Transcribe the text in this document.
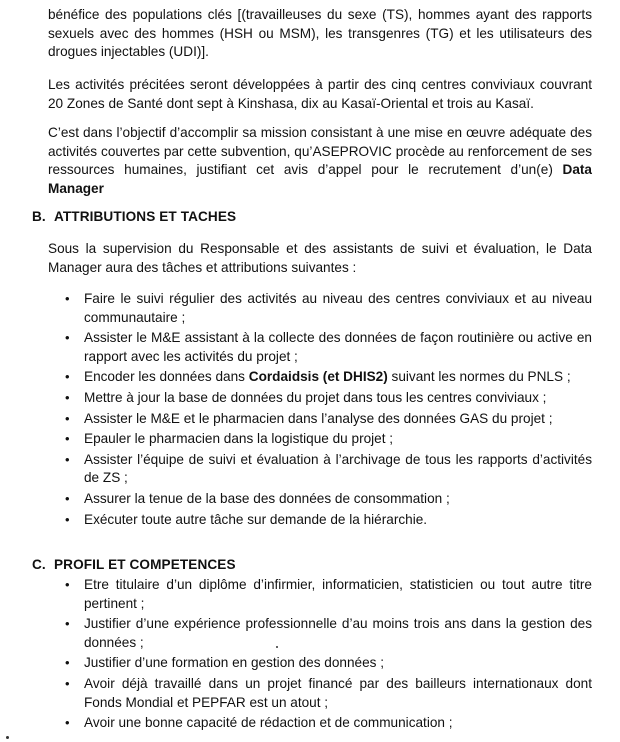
bénéfice des populations clés [(travailleuses du sexe (TS), hommes ayant des rapports sexuels avec des hommes (HSH ou MSM), les transgenres (TG) et les utilisateurs des drogues injectables (UDI)].

Les activités précitées seront développées à partir des cinq centres conviviaux couvrant 20 Zones de Santé dont sept à Kinshasa, dix au Kasaï-Oriental et trois au Kasaï.

C’est dans l’objectif d’accomplir sa mission consistant à une mise en œuvre adéquate des activités couvertes par cette subvention, qu’ASEPROVIC procède au renforcement de ses ressources humaines, justifiant cet avis d’appel pour le recrutement d’un(e) Data Manager

B. ATTRIBUTIONS ET TACHES

Sous la supervision du Responsable et des assistants de suivi et évaluation, le Data Manager aura des tâches et attributions suivantes :

• Faire le suivi régulier des activités au niveau des centres conviviaux et au niveau communautaire ;
• Assister le M&E assistant à la collecte des données de façon routinière ou active en rapport avec les activités du projet ;
• Encoder les données dans Cordaidsis (et DHIS2) suivant les normes du PNLS ;
• Mettre à jour la base de données du projet dans tous les centres conviviaux ;
• Assister le M&E et le pharmacien dans l’analyse des données GAS du projet ;
• Epauler le pharmacien dans la logistique du projet ;
• Assister l’équipe de suivi et évaluation à l’archivage de tous les rapports d’activités de ZS ;
• Assurer la tenue de la base des données de consommation ;
• Exécuter toute autre tâche sur demande de la hiérarchie.
C. PROFIL ET COMPETENCES
• Etre titulaire d’un diplôme d’infirmier, informaticien, statisticien ou tout autre titre pertinent ;
• Justifier d’une expérience professionnelle d’au moins trois ans dans la gestion des données ;
• Justifier d’une formation en gestion des données ;
• Avoir déjà travaillé dans un projet financé par des bailleurs internationaux dont Fonds Mondial et PEPFAR est un atout ;
• Avoir une bonne capacité de rédaction et de communication ;
